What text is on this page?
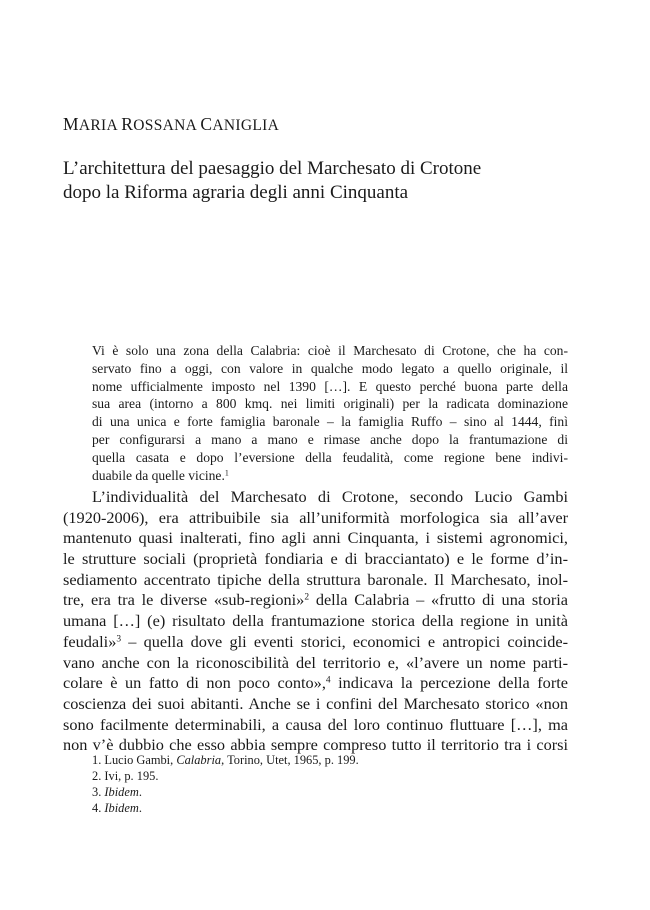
MARIA ROSSANA CANIGLIA
L’architettura del paesaggio del Marchesato di Crotone
dopo la Riforma agraria degli anni Cinquanta
Vi è solo una zona della Calabria: cioè il Marchesato di Crotone, che ha con-
servato fino a oggi, con valore in qualche modo legato a quello originale, il
nome ufficialmente imposto nel 1390 […]. E questo perché buona parte della
sua area (intorno a 800 kmq. nei limiti originali) per la radicata dominazione
di una unica e forte famiglia baronale – la famiglia Ruffo – sino al 1444, finì
per configurarsi a mano a mano e rimase anche dopo la frantumazione di
quella casata e dopo l’eversione della feudalità, come regione bene indivi-
duabile da quelle vicine.$^1$
L’individualità del Marchesato di Crotone, secondo Lucio Gambi
(1920-2006), era attribuibile sia all’uniformità morfologica sia all’aver
mantenuto quasi inalterati, fino agli anni Cinquanta, i sistemi agronomici,
le strutture sociali (proprietà fondiaria e di bracciantato) e le forme d’in-
sediamento accentrato tipiche della struttura baronale. Il Marchesato, inol-
tre, era tra le diverse «sub-regioni»$^2$ della Calabria – «frutto di una storia
umana […] (e) risultato della frantumazione storica della regione in unità
feudali»$^3$ – quella dove gli eventi storici, economici e antropici coincide-
vano anche con la riconoscibilità del territorio e, «l’avere un nome parti-
colare è un fatto di non poco conto»,$^4$ indicava la percezione della forte
coscienza dei suoi abitanti. Anche se i confini del Marchesato storico «non
sono facilmente determinabili, a causa del loro continuo fluttuare […], ma
non v’è dubbio che esso abbia sempre compreso tutto il territorio tra i corsi
1. Lucio Gambi, Calabria, Torino, Utet, 1965, p. 199.
2. Ivi, p. 195.
3. Ibidem.
4. Ibidem.
